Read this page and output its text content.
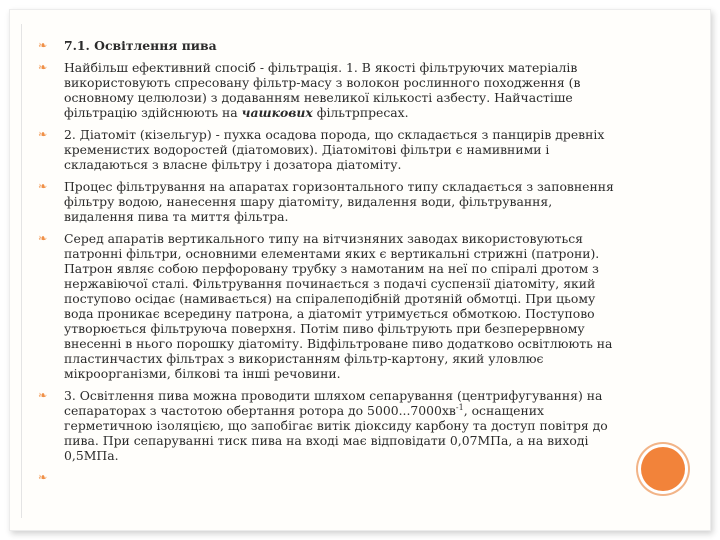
❧ 7.1. Освітлення пива
❧ Найбільш ефективний спосіб - фільтрація. 1. В якості фільтруючих матеріалів використовують спресовану фільтр-масу з волокон рослинного походження (в основному целюлози) з додаванням невеликої кількості азбесту. Найчастіше фільтрацію здійснюють на чашкових фільтрпресах.
❧ 2. Діатоміт (кізельгур) - пухка осадова порода, що складається з панцирів древніх кременистих водоростей (діатомових). Діатомітові фільтри є намивними і складаються з власне фільтру і дозатора діатоміту.
❧ Процес фільтрування на апаратах горизонтального типу складається з заповнення фільтру водою, нанесення шару діатоміту, видалення води, фільтрування, видалення пива та миття фільтра.
❧ Серед апаратів вертикального типу на вітчизняних заводах використовуються патронні фільтри, основними елементами яких є вертикальні стрижні (патрони). Патрон являє собою перфоровану трубку з намотаним на неї по спіралі дротом з нержавіючої сталі. Фільтрування починається з подачі суспензії діатоміту, який поступово осідає (намивається) на спіралеподібній дротяній обмотці. При цьому вода проникає всередину патрона, а діатоміт утримується обмоткою. Поступово утворюється фільтруюча поверхня. Потім пиво фільтрують при безперервному внесенні в нього порошку діатоміту. Відфільтроване пиво додатково освітлюють на пластинчастих фільтрах з використанням фільтр-картону, який уловлює мікроорганізми, білкові та інші речовини.
❧ 3. Освітлення пива можна проводити шляхом сепарування (центрифугування) на сепараторах з частотою обертання ротора до $5000...7000хв^{-1}$, оснащених герметичною ізоляцією, що запобігає витік діоксиду карбону та доступ повітря до пива. При сепаруванні тиск пива на вході має відповідати 0,07МПа, а на виході 0,5МПа.
❧
